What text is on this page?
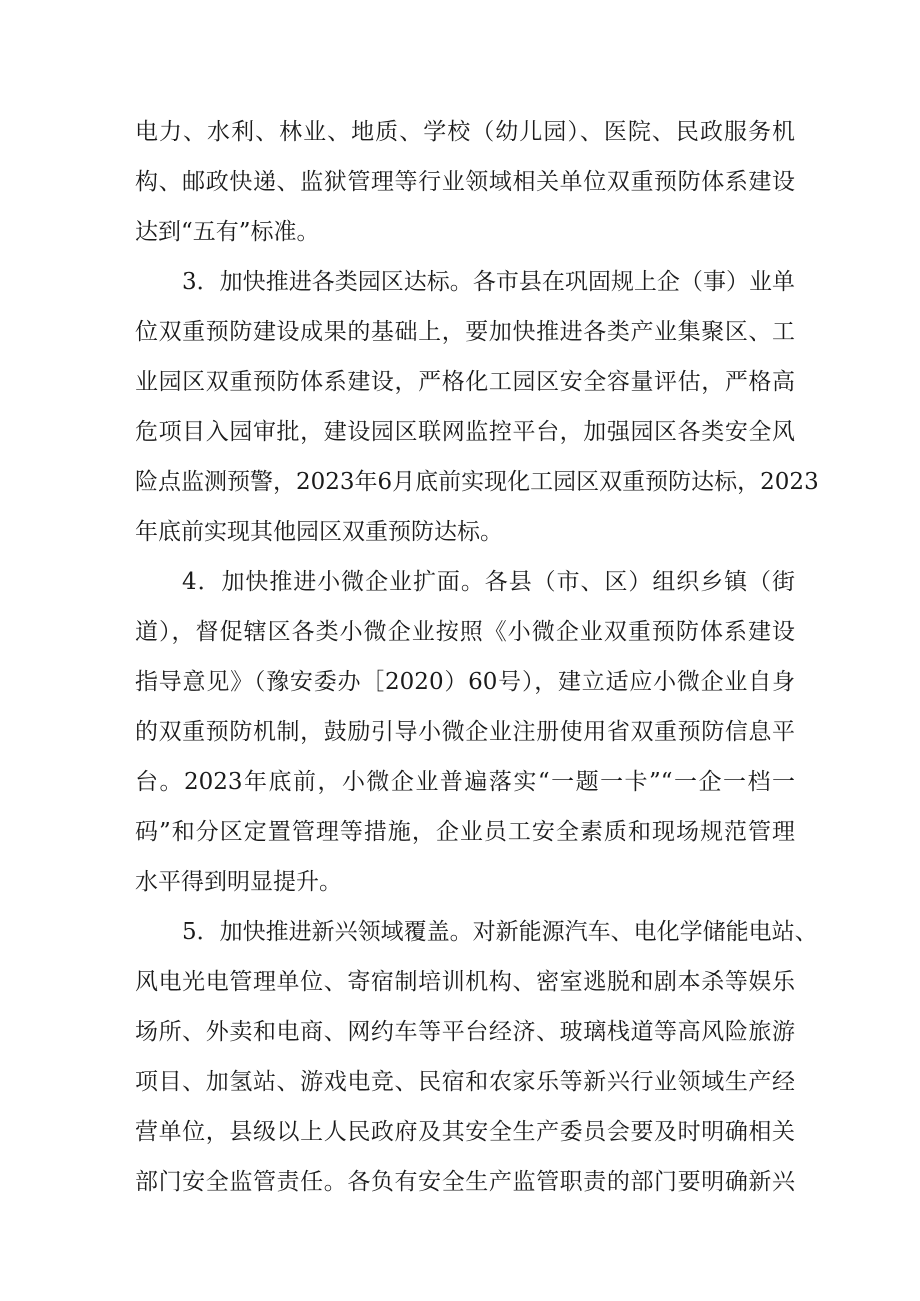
电力、水利、林业、地质、学校（幼儿园）、医院、民政服务机
构、邮政快递、监狱管理等行业领域相关单位双重预防体系建设
达到“五有”标准。
3．加快推进各类园区达标。各市县在巩固规上企（事）业单
位双重预防建设成果的基础上，要加快推进各类产业集聚区、工
业园区双重预防体系建设，严格化工园区安全容量评估，严格高
危项目入园审批，建设园区联网监控平台，加强园区各类安全风
险点监测预警，2023年6月底前实现化工园区双重预防达标，2023
年底前实现其他园区双重预防达标。
4．加快推进小微企业扩面。各县（市、区）组织乡镇（街
道），督促辖区各类小微企业按照《小微企业双重预防体系建设
指导意见》（豫安委办［2020）60号），建立适应小微企业自身
的双重预防机制，鼓励引导小微企业注册使用省双重预防信息平
台。2023年底前，小微企业普遍落实“一题一卡”“一企一档一
码”和分区定置管理等措施，企业员工安全素质和现场规范管理
水平得到明显提升。
5．加快推进新兴领域覆盖。对新能源汽车、电化学储能电站、
风电光电管理单位、寄宿制培训机构、密室逃脱和剧本杀等娱乐
场所、外卖和电商、网约车等平台经济、玻璃栈道等高风险旅游
项目、加氢站、游戏电竞、民宿和农家乐等新兴行业领域生产经
营单位，县级以上人民政府及其安全生产委员会要及时明确相关
部门安全监管责任。各负有安全生产监管职责的部门要明确新兴
